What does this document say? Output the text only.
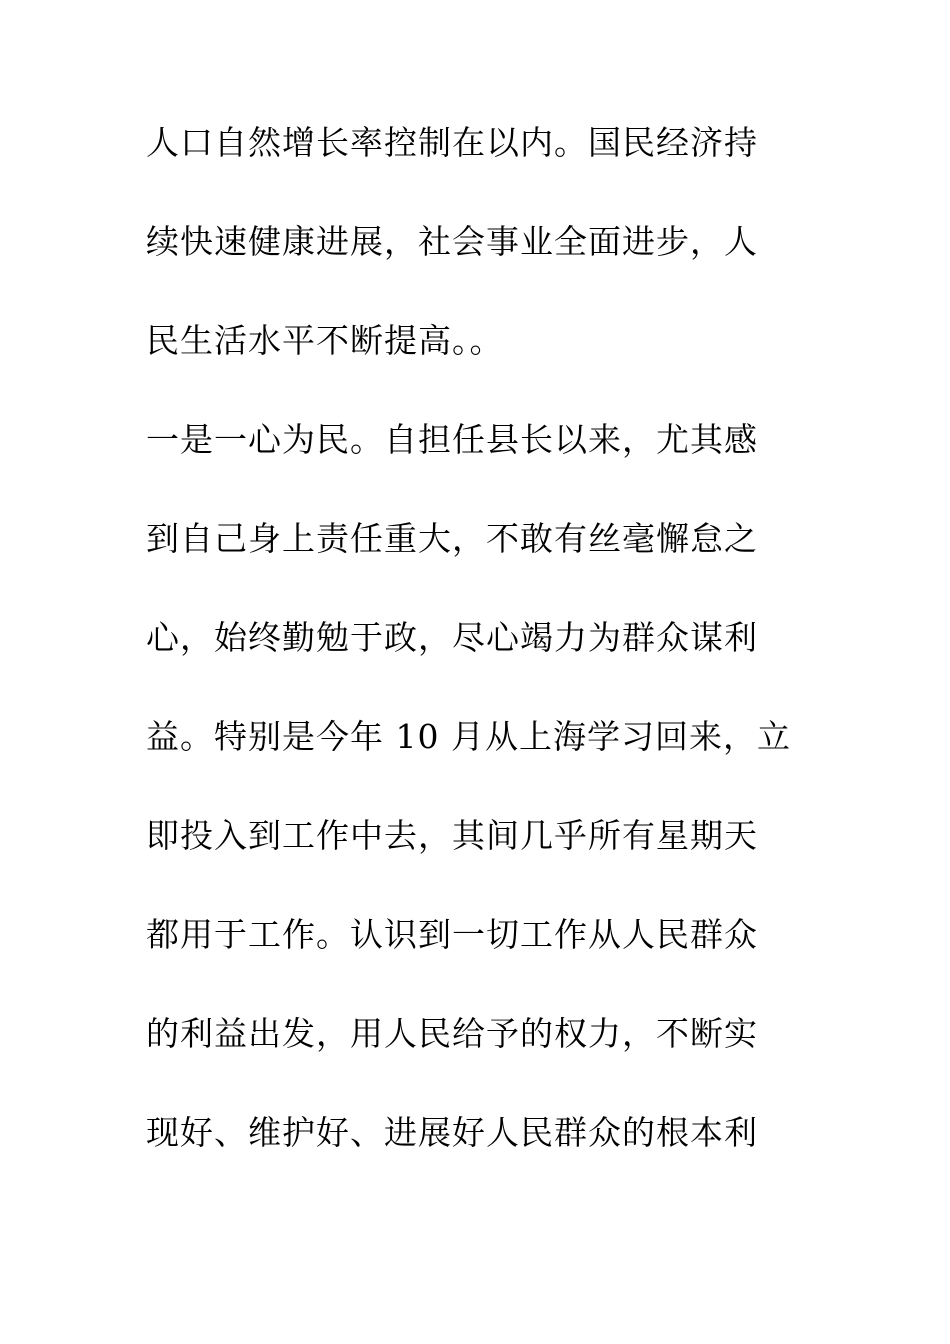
人口自然增长率控制在以内。国民经济持
续快速健康进展，社会事业全面进步，人
民生活水平不断提高。。
一是一心为民。自担任县长以来，尤其感
到自己身上责任重大，不敢有丝毫懈怠之
心，始终勤勉于政，尽心竭力为群众谋利
益。特别是今年 10 月从上海学习回来，立
即投入到工作中去，其间几乎所有星期天
都用于工作。认识到一切工作从人民群众
的利益出发，用人民给予的权力，不断实
现好、维护好、进展好人民群众的根本利
